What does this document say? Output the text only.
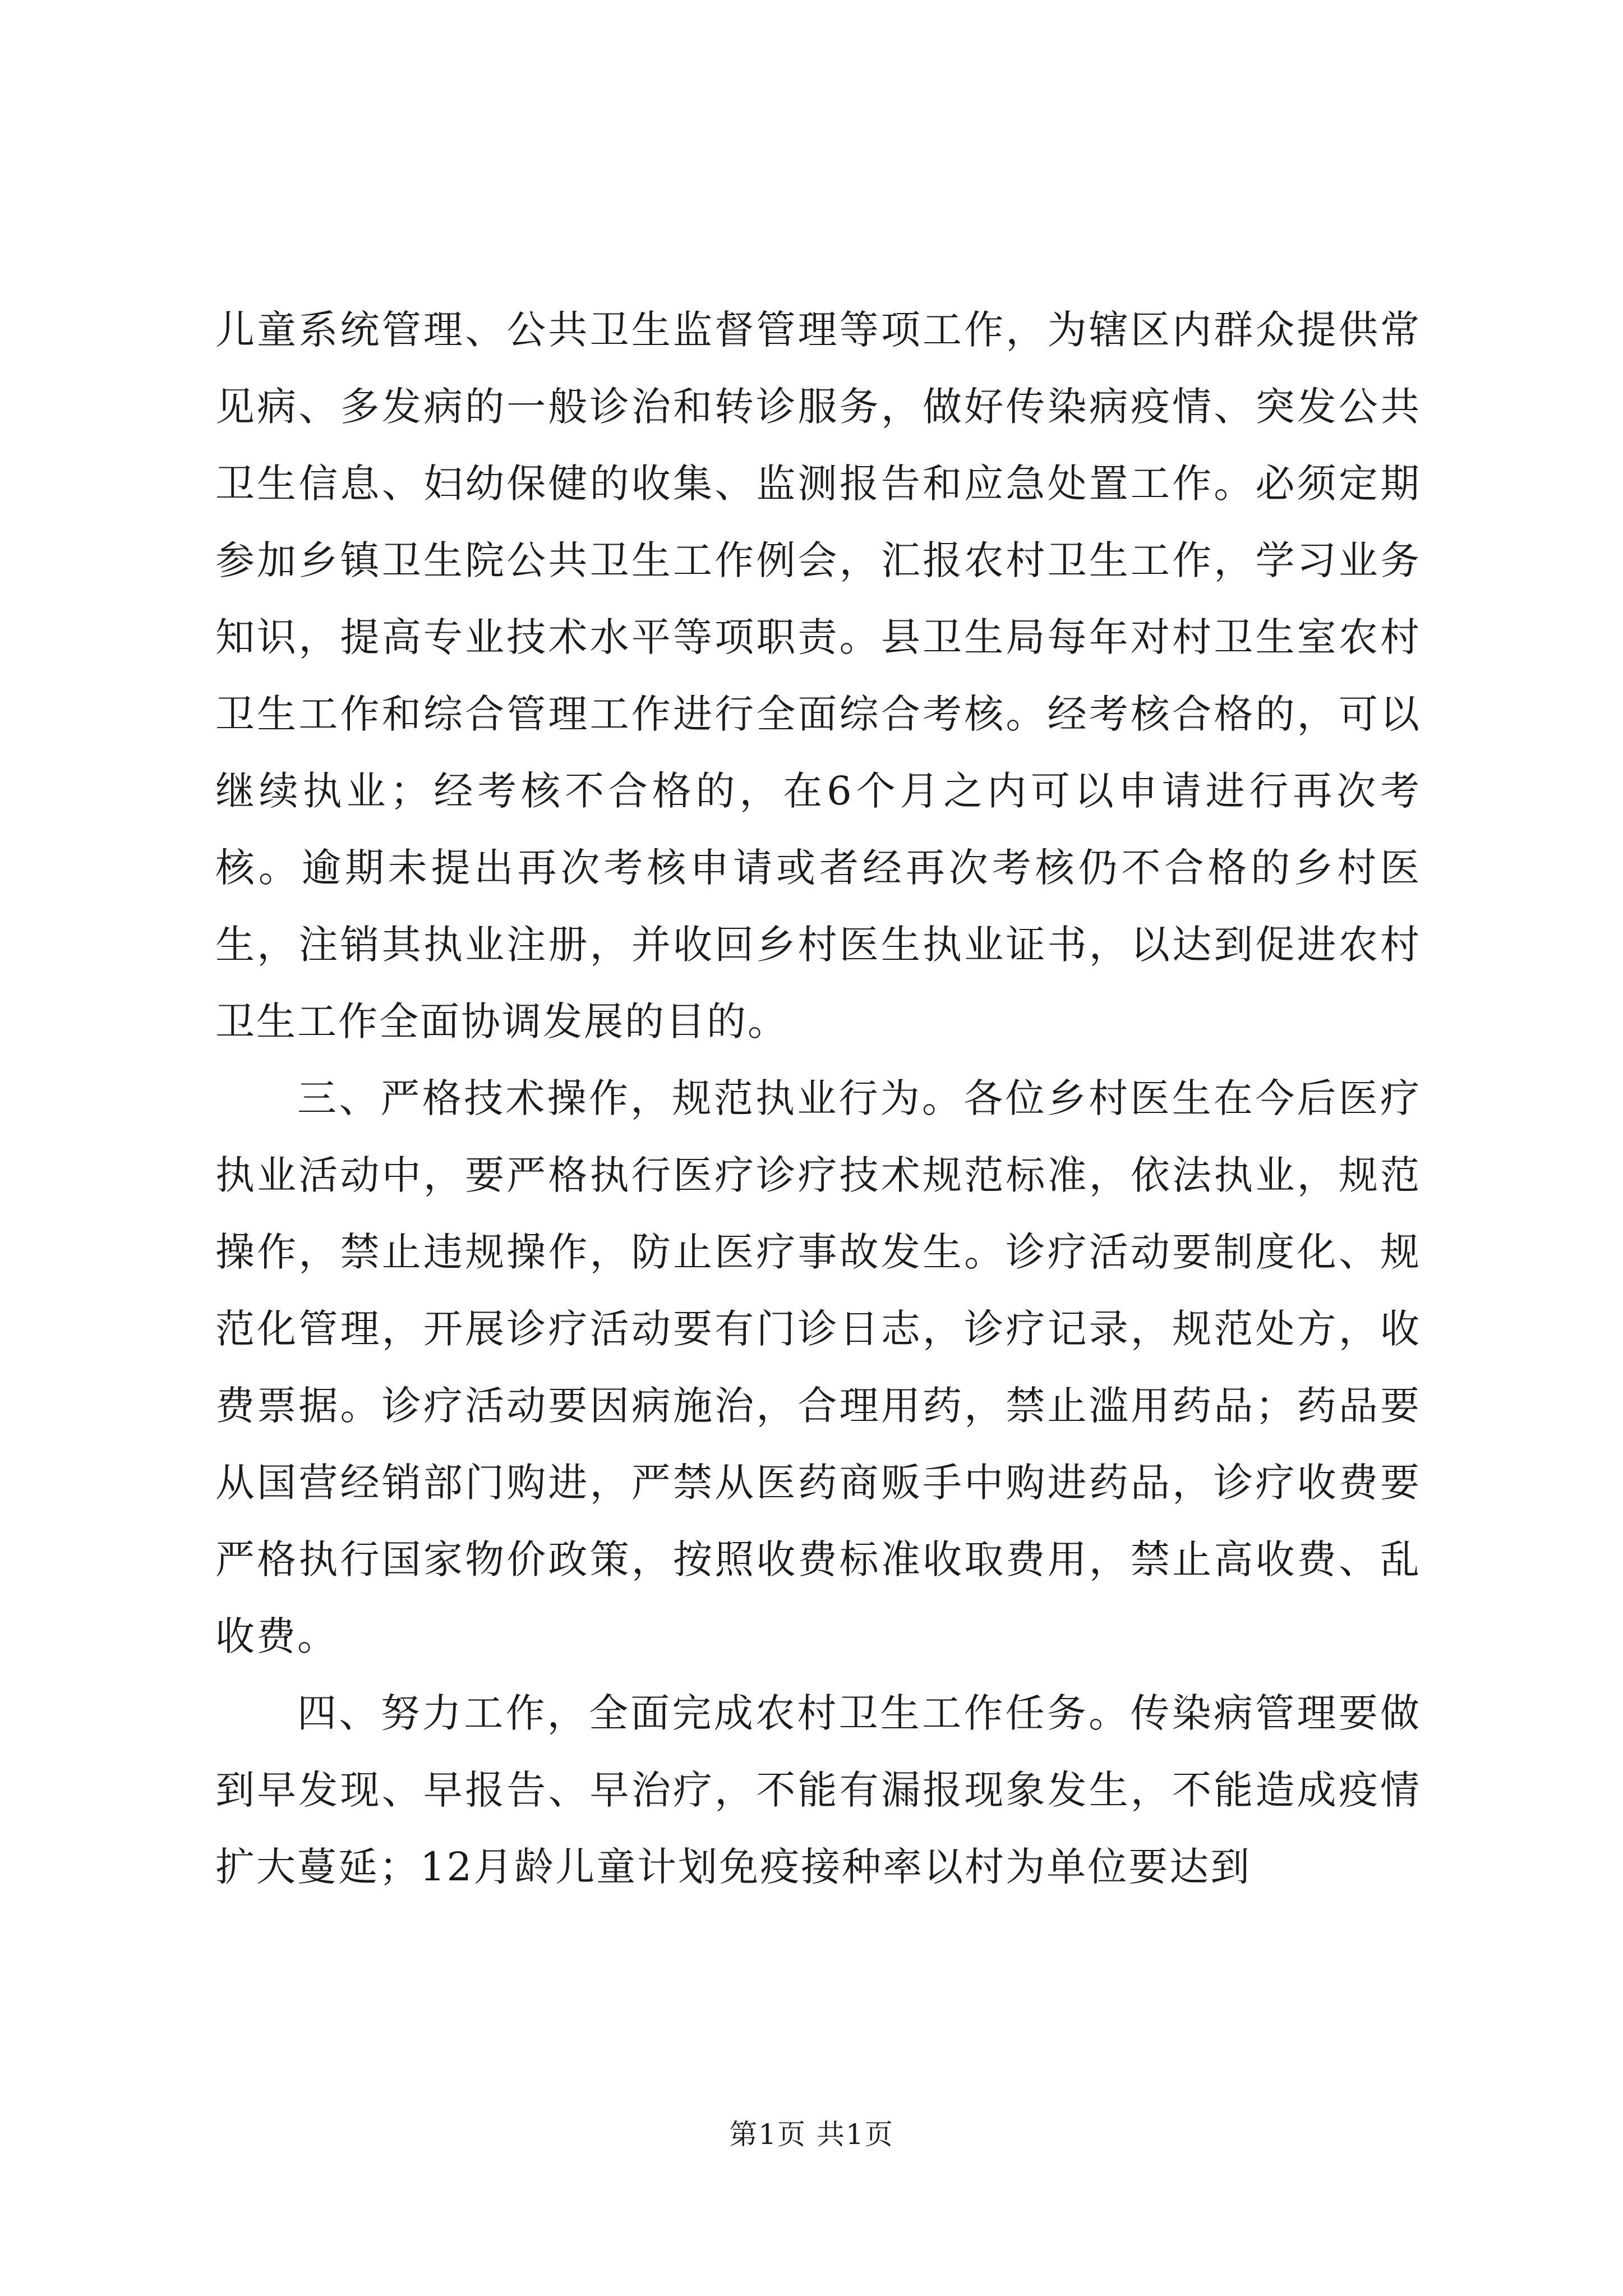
儿童系统管理、公共卫生监督管理等项工作，为辖区内群众提供常见病、多发病的一般诊治和转诊服务，做好传染病疫情、突发公共卫生信息、妇幼保健的收集、监测报告和应急处置工作。必须定期参加乡镇卫生院公共卫生工作例会，汇报农村卫生工作，学习业务知识，提高专业技术水平等项职责。县卫生局每年对村卫生室农村卫生工作和综合管理工作进行全面综合考核。经考核合格的，可以继续执业；经考核不合格的，在6个月之内可以申请进行再次考核。逾期未提出再次考核申请或者经再次考核仍不合格的乡村医生，注销其执业注册，并收回乡村医生执业证书，以达到促进农村卫生工作全面协调发展的目的。

三、严格技术操作，规范执业行为。各位乡村医生在今后医疗执业活动中，要严格执行医疗诊疗技术规范标准，依法执业，规范操作，禁止违规操作，防止医疗事故发生。诊疗活动要制度化、规范化管理，开展诊疗活动要有门诊日志，诊疗记录，规范处方，收费票据。诊疗活动要因病施治，合理用药，禁止滥用药品；药品要从国营经销部门购进，严禁从医药商贩手中购进药品，诊疗收费要严格执行国家物价政策，按照收费标准收取费用，禁止高收费、乱收费。

四、努力工作，全面完成农村卫生工作任务。传染病管理要做到早发现、早报告、早治疗，不能有漏报现象发生，不能造成疫情扩大蔓延；12月龄儿童计划免疫接种率以村为单位要达到

第1页 共1页
